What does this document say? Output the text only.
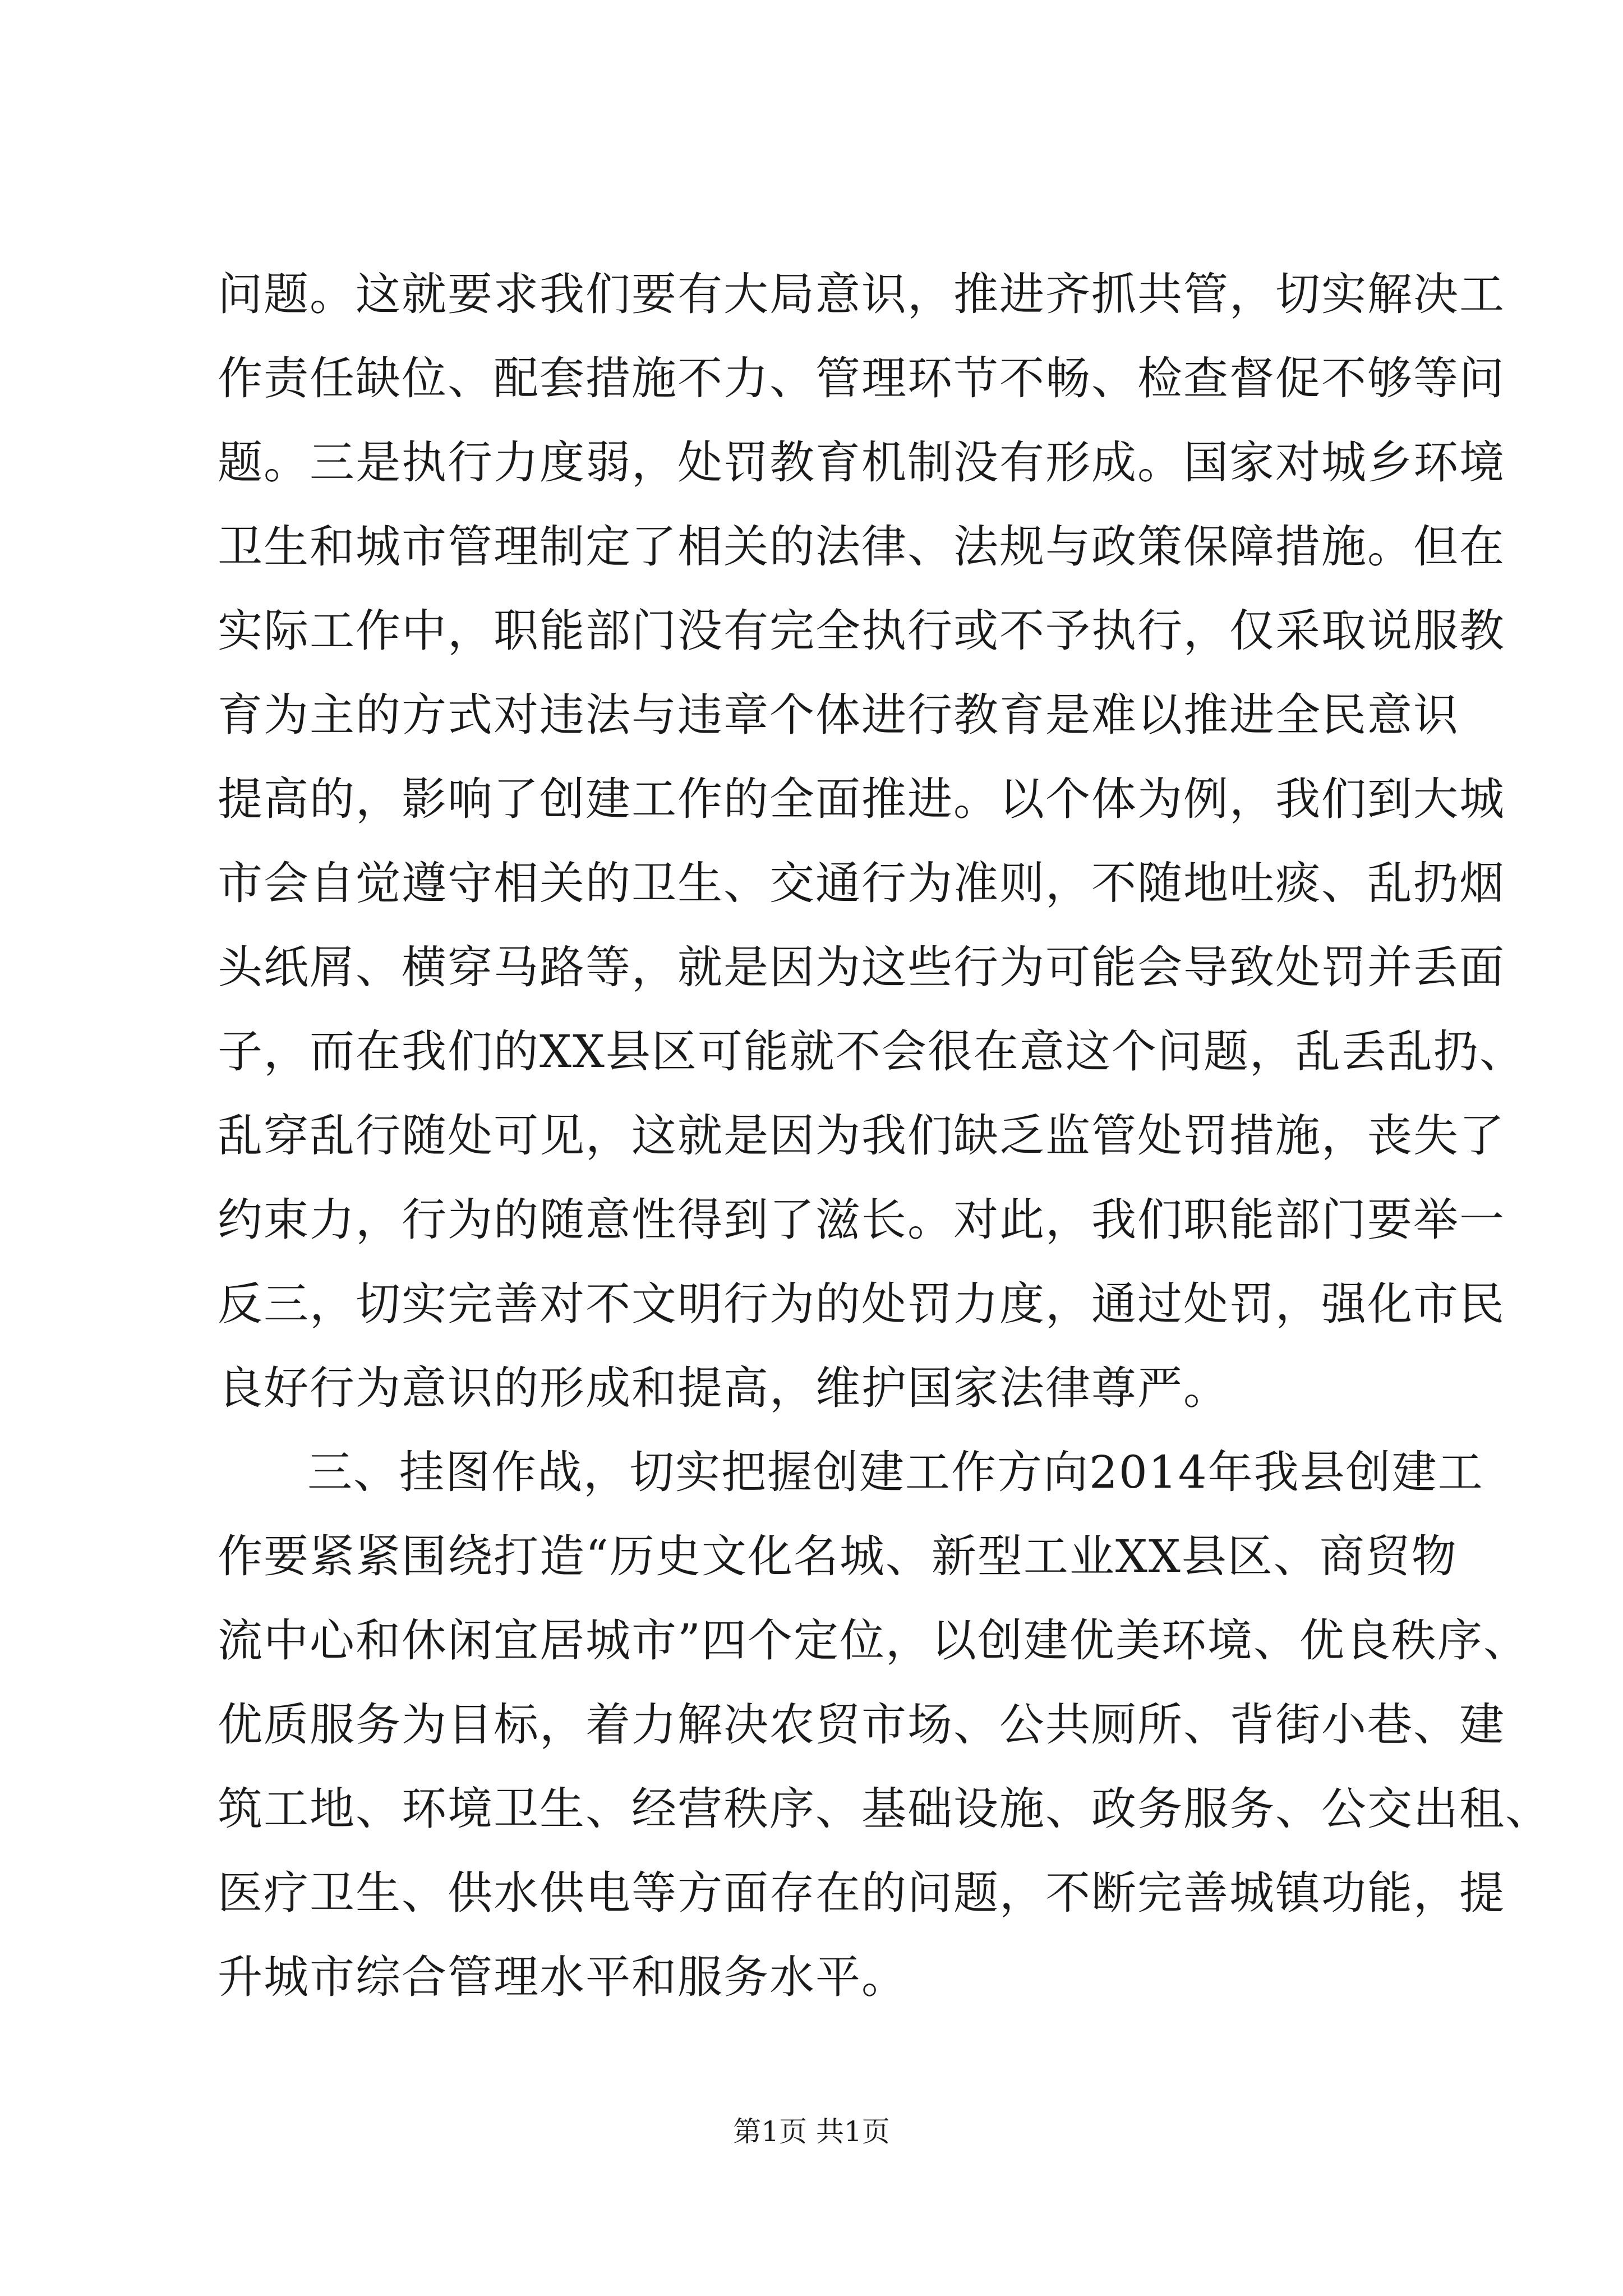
问题。这就要求我们要有大局意识，推进齐抓共管，切实解决工
作责任缺位、配套措施不力、管理环节不畅、检查督促不够等问
题。三是执行力度弱，处罚教育机制没有形成。国家对城乡环境
卫生和城市管理制定了相关的法律、法规与政策保障措施。但在
实际工作中，职能部门没有完全执行或不予执行，仅采取说服教
育为主的方式对违法与违章个体进行教育是难以推进全民意识
提高的，影响了创建工作的全面推进。以个体为例，我们到大城
市会自觉遵守相关的卫生、交通行为准则，不随地吐痰、乱扔烟
头纸屑、横穿马路等，就是因为这些行为可能会导致处罚并丢面
子，而在我们的XX县区可能就不会很在意这个问题，乱丢乱扔、
乱穿乱行随处可见，这就是因为我们缺乏监管处罚措施，丧失了
约束力，行为的随意性得到了滋长。对此，我们职能部门要举一
反三，切实完善对不文明行为的处罚力度，通过处罚，强化市民
良好行为意识的形成和提高，维护国家法律尊严。
三、挂图作战，切实把握创建工作方向2014年我县创建工
作要紧紧围绕打造“历史文化名城、新型工业XX县区、商贸物
流中心和休闲宜居城市”四个定位，以创建优美环境、优良秩序、
优质服务为目标，着力解决农贸市场、公共厕所、背街小巷、建
筑工地、环境卫生、经营秩序、基础设施、政务服务、公交出租、
医疗卫生、供水供电等方面存在的问题，不断完善城镇功能，提
升城市综合管理水平和服务水平。
第1页 共1页
